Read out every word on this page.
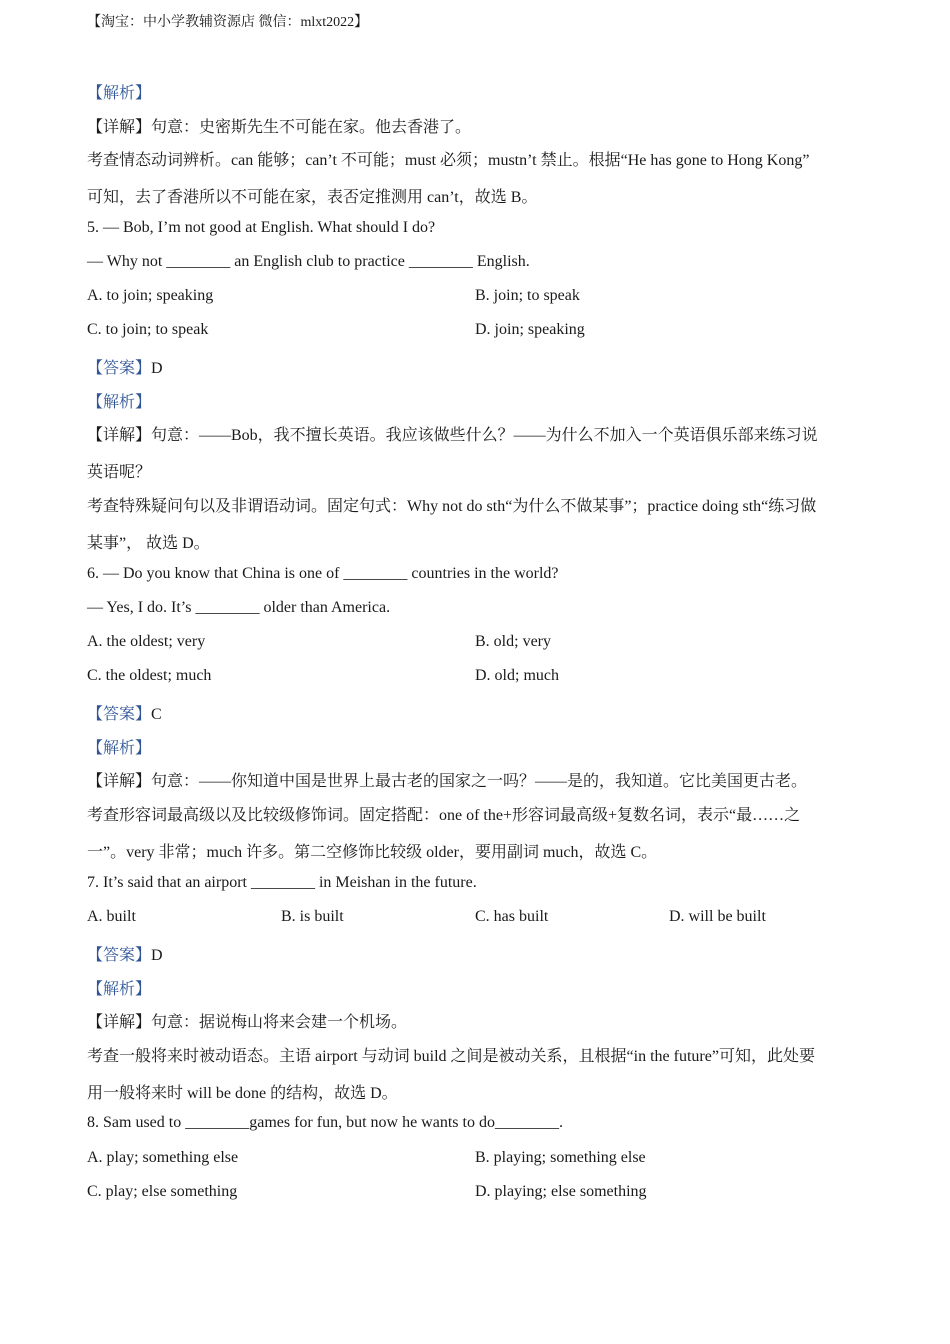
【淘宝：中小学教辅资源店 微信：mlxt2022】
【解析】
【详解】句意：史密斯先生不可能在家。他去香港了。
考查情态动词辨析。can 能够；can’t 不可能；must 必须；mustn’t 禁止。根据“He has gone to Hong Kong”
可知，去了香港所以不可能在家，表否定推测用 can’t，故选 B。
5. — Bob, I’m not good at English. What should I do?
— Why not ________ an English club to practice ________ English.
A. to join; speaking	B. join; to speak
C. to join; to speak	D. join; speaking
【答案】D
【解析】
【详解】句意：——Bob，我不擅长英语。我应该做些什么？——为什么不加入一个英语俱乐部来练习说
英语呢？
考查特殊疑问句以及非谓语动词。固定句式：Why not do sth“为什么不做某事”；practice doing sth“练习做
某事”， 故选 D。
6. — Do you know that China is one of ________ countries in the world?
— Yes, I do. It’s ________ older than America.
A. the oldest; very	B. old; very
C. the oldest; much	D. old; much
【答案】C
【解析】
【详解】句意：——你知道中国是世界上最古老的国家之一吗？——是的，我知道。它比美国更古老。
考查形容词最高级以及比较级修饰词。固定搭配：one of the+形容词最高级+复数名词，表示“最……之
一”。very 非常；much 许多。第二空修饰比较级 older，要用副词 much，故选 C。
7. It’s said that an airport ________ in Meishan in the future.
A. built	B. is built	C. has built	D. will be built
【答案】D
【解析】
【详解】句意：据说梅山将来会建一个机场。
考查一般将来时被动语态。主语 airport 与动词 build 之间是被动关系，且根据“in the future”可知，此处要
用一般将来时 will be done 的结构，故选 D。
8. Sam used to ________games for fun, but now he wants to do________.
A. play; something else	B. playing; something else
C. play; else something	D. playing; else something
